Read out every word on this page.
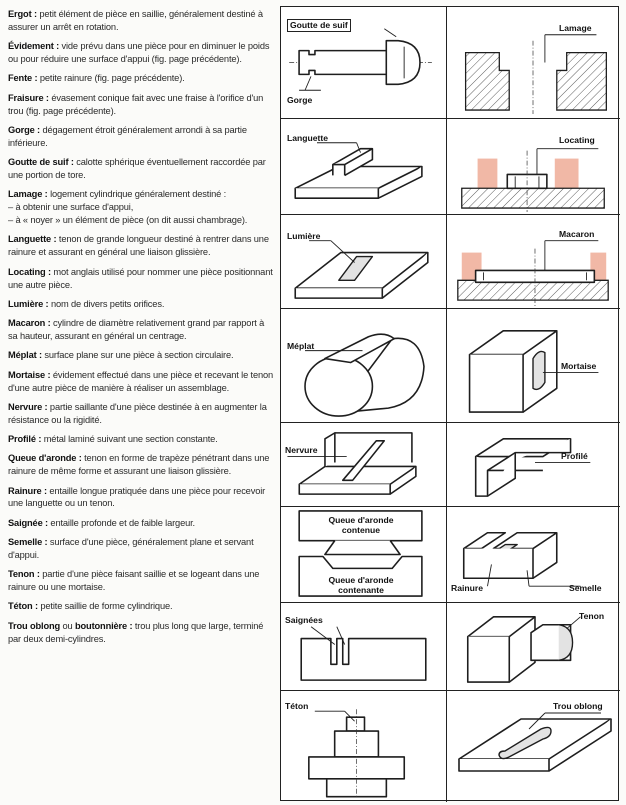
Ergot : petit élément de pièce en saillie, généralement destiné à assurer un arrêt en rotation.

Évidement : vide prévu dans une pièce pour en diminuer le poids ou pour réduire une surface d'appui (fig. page précédente).

Fente : petite rainure (fig. page précédente).

Fraisure : évasement conique fait avec une fraise à l'orifice d'un trou (fig. page précédente).

Gorge : dégagement étroit généralement arrondi à sa partie inférieure.

Goutte de suif : calotte sphérique éventuellement raccordée par une portion de tore.

Lamage : logement cylindrique généralement destiné :
– à obtenir une surface d'appui,
– à « noyer » un élément de pièce (on dit aussi chambrage).

Languette : tenon de grande longueur destiné à rentrer dans une rainure et assurant en général une liaison glissière.

Locating : mot anglais utilisé pour nommer une pièce positionnant une autre pièce.

Lumière : nom de divers petits orifices.

Macaron : cylindre de diamètre relativement grand par rapport à sa hauteur, assurant en général un centrage.

Méplat : surface plane sur une pièce à section circulaire.

Mortaise : évidement effectué dans une pièce et recevant le tenon d'une autre pièce de manière à réaliser un assemblage.

Nervure : partie saillante d'une pièce destinée à en augmenter la résistance ou la rigidité.

Profilé : métal laminé suivant une section constante.

Queue d'aronde : tenon en forme de trapèze pénétrant dans une rainure de même forme et assurant une liaison glissière.

Rainure : entaille longue pratiquée dans une pièce pour recevoir une languette ou un tenon.

Saignée : entaille profonde et de faible largeur.

Semelle : surface d'une pièce, généralement plane et servant d'appui.

Tenon : partie d'une pièce faisant saillie et se logeant dans une rainure ou une mortaise.

Téton : petite saillie de forme cylindrique.

Trou oblong ou boutonnière : trou plus long que large, terminé par deux demi-cylindres.

Goutte de suif
Gorge
Lamage
Languette	Locating
Lumière	Macaron
Méplat
Mortaise
Nervure
Profilé
Queue d'aronde
contenue
Queue d'aronde
contenante	Rainure	Semelle
Saignées	Tenon
Téton	Trou oblong
